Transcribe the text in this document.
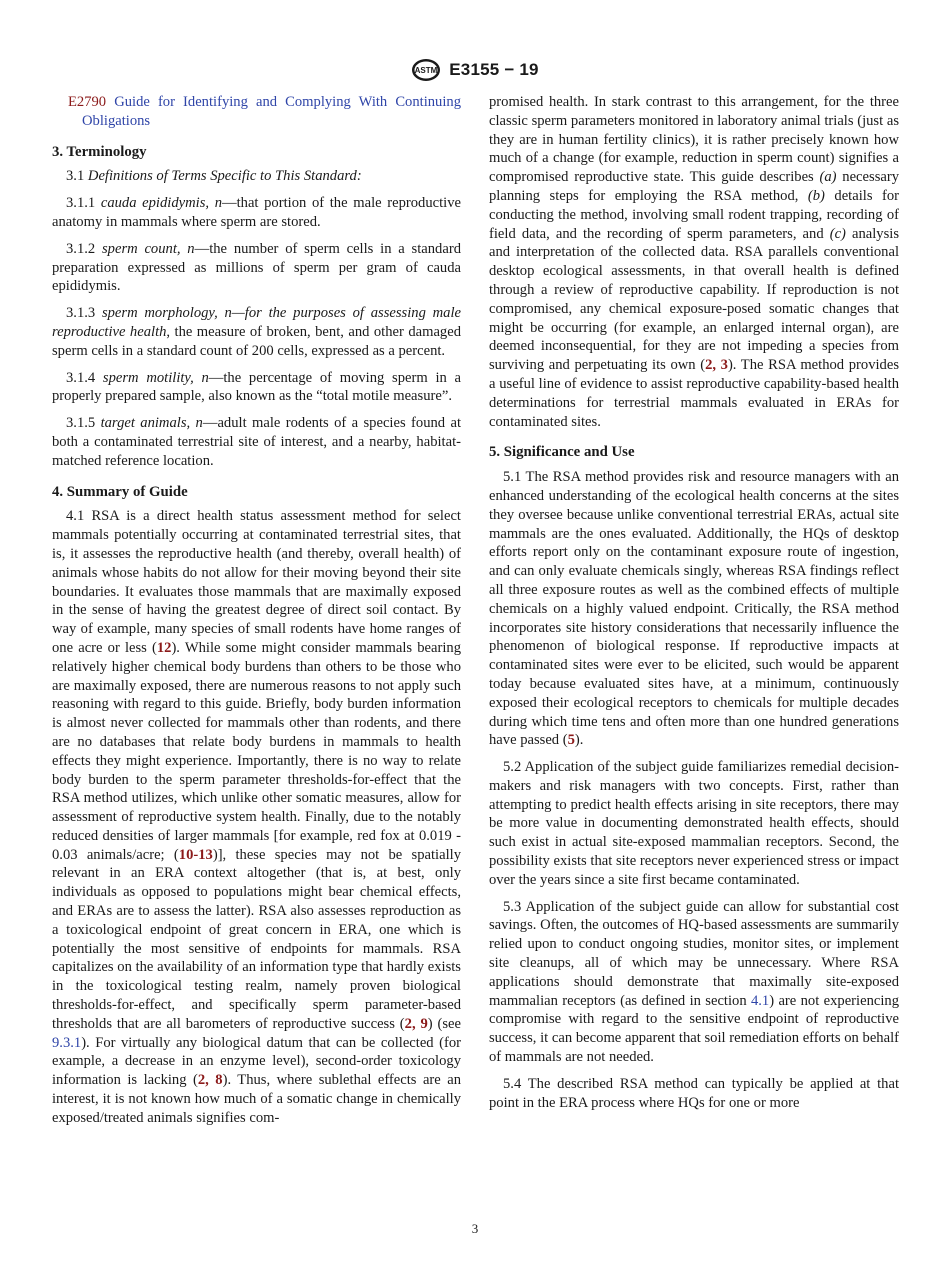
ASTM E3155 − 19

E2790 Guide for Identifying and Complying With Continuing Obligations

3. Terminology

3.1 Definitions of Terms Specific to This Standard:

3.1.1 cauda epididymis, n—that portion of the male reproductive anatomy in mammals where sperm are stored.

3.1.2 sperm count, n—the number of sperm cells in a standard preparation expressed as millions of sperm per gram of cauda epididymis.

3.1.3 sperm morphology, n—for the purposes of assessing male reproductive health, the measure of broken, bent, and other damaged sperm cells in a standard count of 200 cells, expressed as a percent.

3.1.4 sperm motility, n—the percentage of moving sperm in a properly prepared sample, also known as the “total motile measure”.

3.1.5 target animals, n—adult male rodents of a species found at both a contaminated terrestrial site of interest, and a nearby, habitat-matched reference location.

4. Summary of Guide

4.1 RSA is a direct health status assessment method for select mammals potentially occurring at contaminated terrestrial sites, that is, it assesses the reproductive health (and thereby, overall health) of animals whose habits do not allow for their moving beyond their site boundaries. It evaluates those mammals that are maximally exposed in the sense of having the greatest degree of direct soil contact. By way of example, many species of small rodents have home ranges of one acre or less (12). While some might consider mammals bearing relatively higher chemical body burdens than others to be those who are maximally exposed, there are numerous reasons to not apply such reasoning with regard to this guide. Briefly, body burden information is almost never collected for mammals other than rodents, and there are no databases that relate body burdens in mammals to health effects they might experience. Importantly, there is no way to relate body burden to the sperm parameter thresholds-for-effect that the RSA method utilizes, which unlike other somatic measures, allow for assessment of reproductive system health. Finally, due to the notably reduced densities of larger mammals [for example, red fox at 0.019 - 0.03 animals/acre; (10-13)], these species may not be spatially relevant in an ERA context altogether (that is, at best, only individuals as opposed to populations might bear chemical effects, and ERAs are to assess the latter). RSA also assesses reproduction as a toxicological endpoint of great concern in ERA, one which is potentially the most sensitive of endpoints for mammals. RSA capitalizes on the availability of an information type that hardly exists in the toxicological testing realm, namely proven biological thresholds-for-effect, and specifically sperm parameter-based thresholds that are all barometers of reproductive success (2, 9) (see 9.3.1). For virtually any biological datum that can be collected (for example, a decrease in an enzyme level), second-order toxicology information is lacking (2, 8). Thus, where sublethal effects are an interest, it is not known how much of a somatic change in chemically exposed/treated animals signifies com-

promised health. In stark contrast to this arrangement, for the three classic sperm parameters monitored in laboratory animal trials (just as they are in human fertility clinics), it is rather precisely known how much of a change (for example, reduction in sperm count) signifies a compromised reproductive state. This guide describes (a) necessary planning steps for employing the RSA method, (b) details for conducting the method, involving small rodent trapping, recording of field data, and the recording of sperm parameters, and (c) analysis and interpretation of the collected data. RSA parallels conventional desktop ecological assessments, in that overall health is defined through a review of reproductive capability. If reproduction is not compromised, any chemical exposure-posed somatic changes that might be occurring (for example, an enlarged internal organ), are deemed inconsequential, for they are not impeding a species from surviving and perpetuating its own (2, 3). The RSA method provides a useful line of evidence to assist reproductive capability-based health determinations for terrestrial mammals evaluated in ERAs for contaminated sites.

5. Significance and Use

5.1 The RSA method provides risk and resource managers with an enhanced understanding of the ecological health concerns at the sites they oversee because unlike conventional terrestrial ERAs, actual site mammals are the ones evaluated. Additionally, the HQs of desktop efforts report only on the contaminant exposure route of ingestion, and can only evaluate chemicals singly, whereas RSA findings reflect all three exposure routes as well as the combined effects of multiple chemicals on a highly valued endpoint. Critically, the RSA method incorporates site history considerations that necessarily influence the phenomenon of biological response. If reproductive impacts at contaminated sites were ever to be elicited, such would be apparent today because evaluated sites have, at a minimum, continuously exposed their ecological receptors to chemicals for multiple decades during which time tens and often more than one hundred generations have passed (5).

5.2 Application of the subject guide familiarizes remedial decision-makers and risk managers with two concepts. First, rather than attempting to predict health effects arising in site receptors, there may be more value in documenting demonstrated health effects, should such exist in actual site-exposed mammalian receptors. Second, the possibility exists that site receptors never experienced stress or impact over the years since a site first became contaminated.

5.3 Application of the subject guide can allow for substantial cost savings. Often, the outcomes of HQ-based assessments are summarily relied upon to conduct ongoing studies, monitor sites, or implement site cleanups, all of which may be unnecessary. Where RSA applications should demonstrate that maximally site-exposed mammalian receptors (as defined in section 4.1) are not experiencing compromise with regard to the sensitive endpoint of reproductive success, it can become apparent that soil remediation efforts on behalf of mammals are not needed.

5.4 The described RSA method can typically be applied at that point in the ERA process where HQs for one or more

3
